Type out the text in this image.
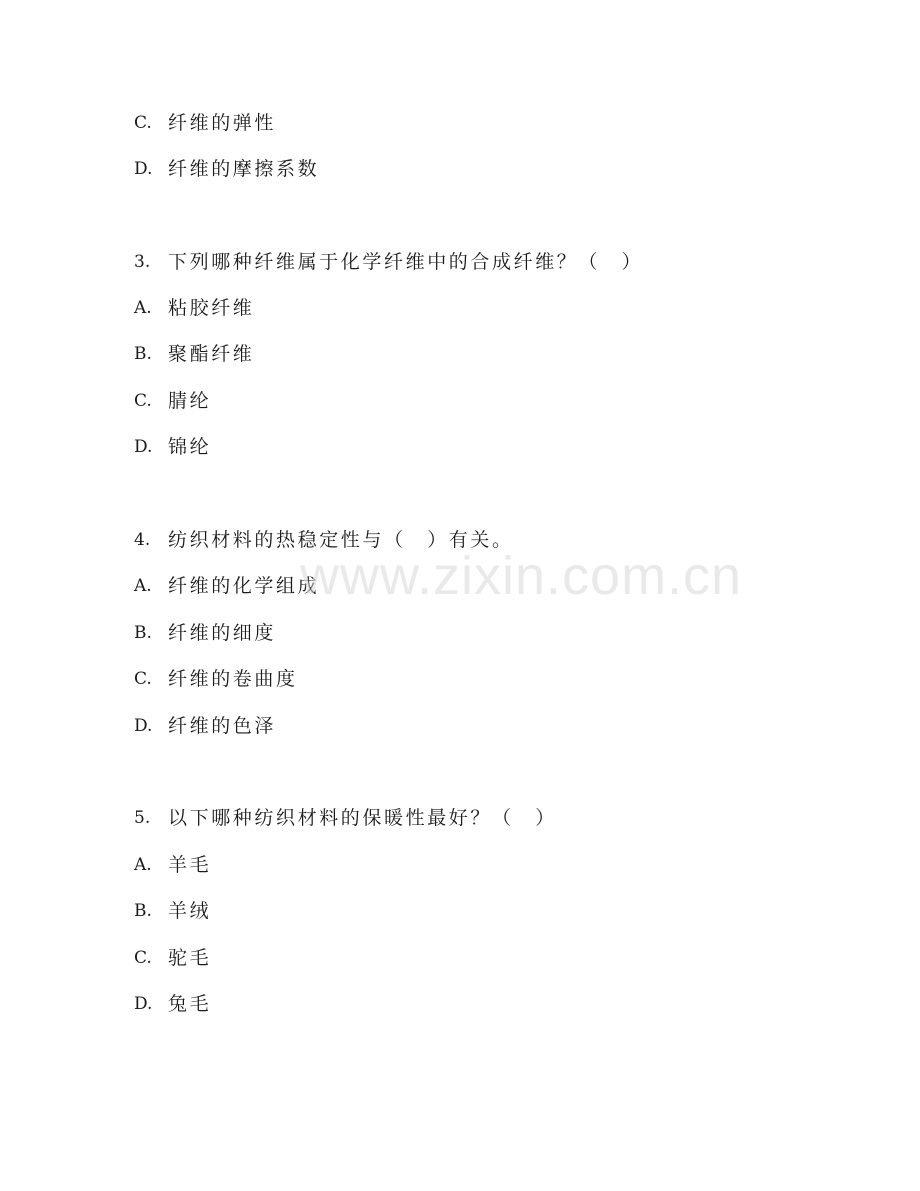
C. 纤维的弹性
D. 纤维的摩擦系数
3. 下列哪种纤维属于化学纤维中的合成纤维？（　）
A. 粘胶纤维
B. 聚酯纤维
C. 腈纶
D. 锦纶
4. 纺织材料的热稳定性与（　）有关。
A. 纤维的化学组成
B. 纤维的细度
C. 纤维的卷曲度
D. 纤维的色泽
5. 以下哪种纺织材料的保暖性最好？（　）
A. 羊毛
B. 羊绒
C. 驼毛
D. 兔毛
www.zixin.com.cn
